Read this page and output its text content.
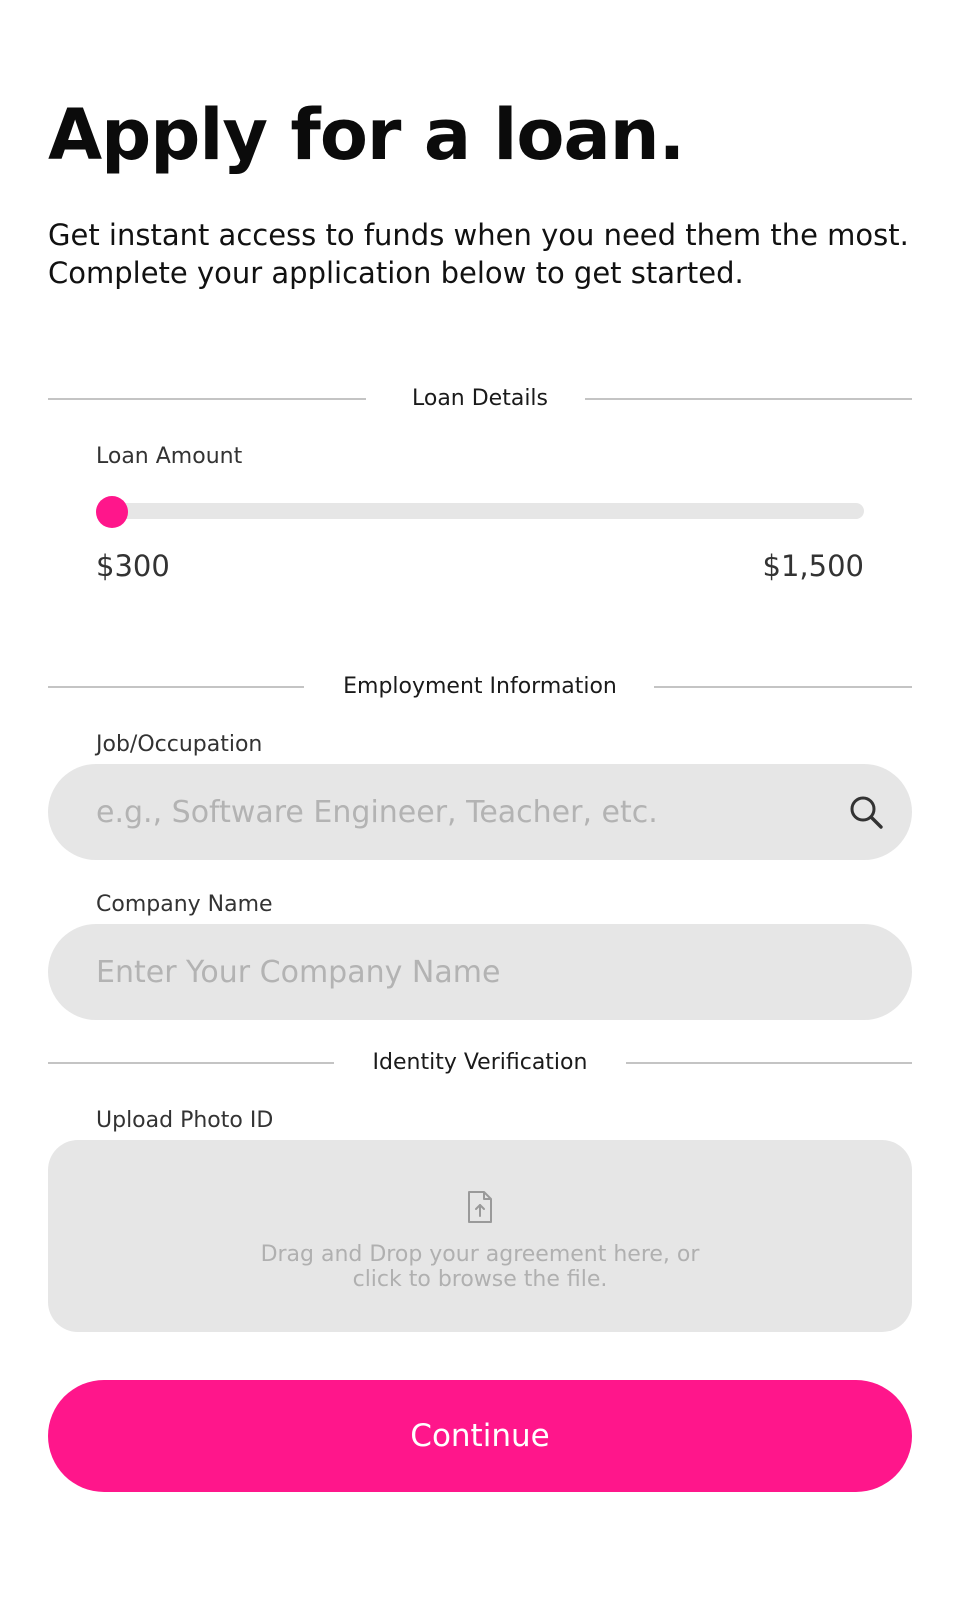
Apply for a loan.

Get instant access to funds when you need them the most. Complete your application below to get started.

Loan Details
Loan Amount
$300	$1,500
Employment Information
Job/Occupation
e.g., Software Engineer, Teacher, etc.
Company Name
Enter Your Company Name
Identity Verification
Upload Photo ID
Drag and Drop your agreement here, or
click to browse the file.
Continue
